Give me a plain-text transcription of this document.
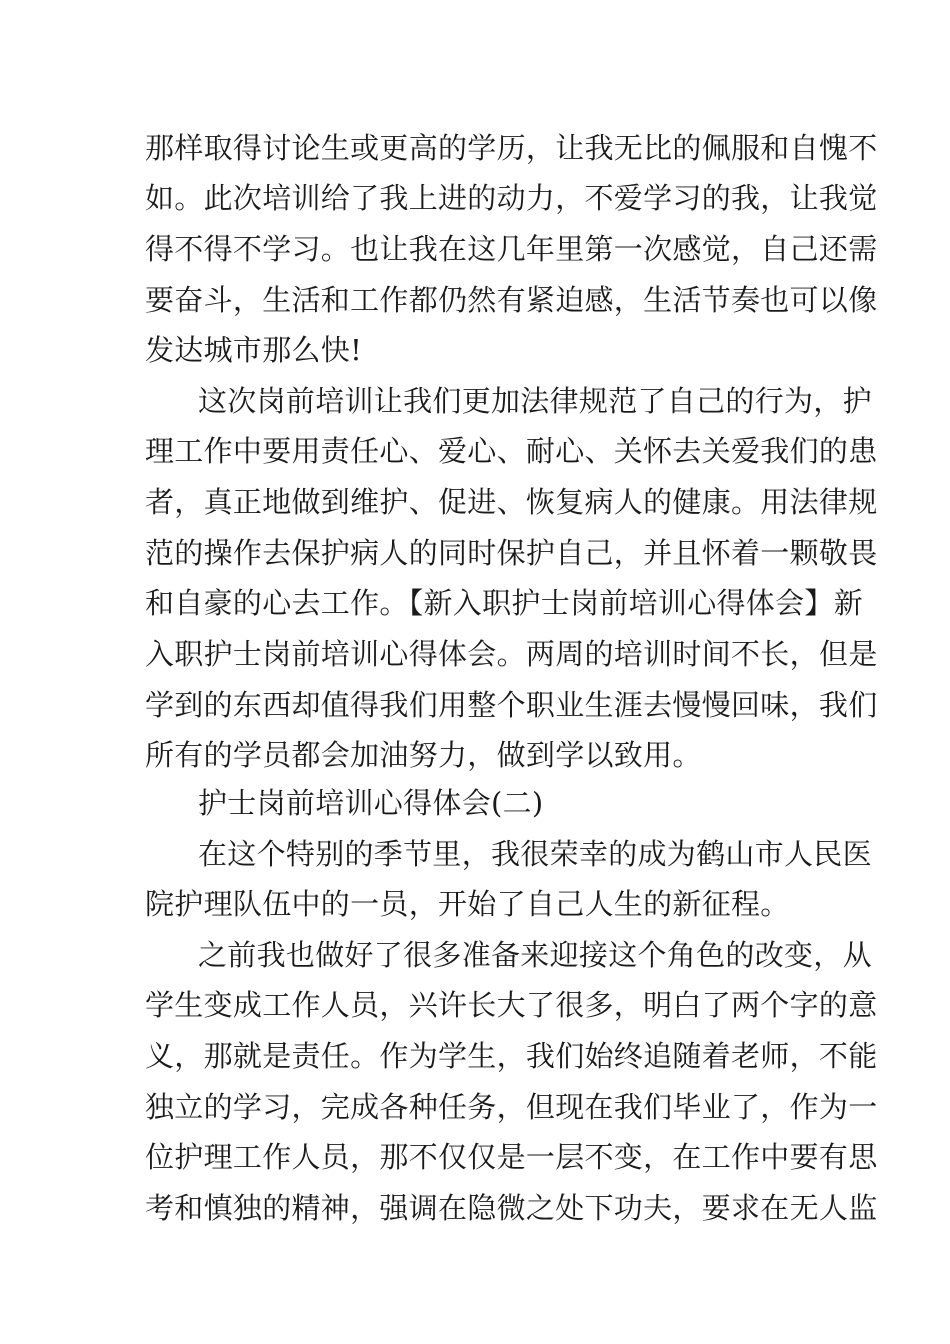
那样取得讨论生或更高的学历，让我无比的佩服和自愧不
如。此次培训给了我上进的动力，不爱学习的我，让我觉
得不得不学习。也让我在这几年里第一次感觉，自己还需
要奋斗，生活和工作都仍然有紧迫感，生活节奏也可以像
发达城市那么快!
这次岗前培训让我们更加法律规范了自己的行为，护
理工作中要用责任心、爱心、耐心、关怀去关爱我们的患
者，真正地做到维护、促进、恢复病人的健康。用法律规
范的操作去保护病人的同时保护自己，并且怀着一颗敬畏
和自豪的心去工作。【新入职护士岗前培训心得体会】新
入职护士岗前培训心得体会。两周的培训时间不长，但是
学到的东西却值得我们用整个职业生涯去慢慢回味，我们
所有的学员都会加油努力，做到学以致用。
护士岗前培训心得体会(二)
在这个特别的季节里，我很荣幸的成为鹤山市人民医
院护理队伍中的一员，开始了自己人生的新征程。
之前我也做好了很多准备来迎接这个角色的改变，从
学生变成工作人员，兴许长大了很多，明白了两个字的意
义，那就是责任。作为学生，我们始终追随着老师，不能
独立的学习，完成各种任务，但现在我们毕业了，作为一
位护理工作人员，那不仅仅是一层不变，在工作中要有思
考和慎独的精神，强调在隐微之处下功夫，要求在无人监
